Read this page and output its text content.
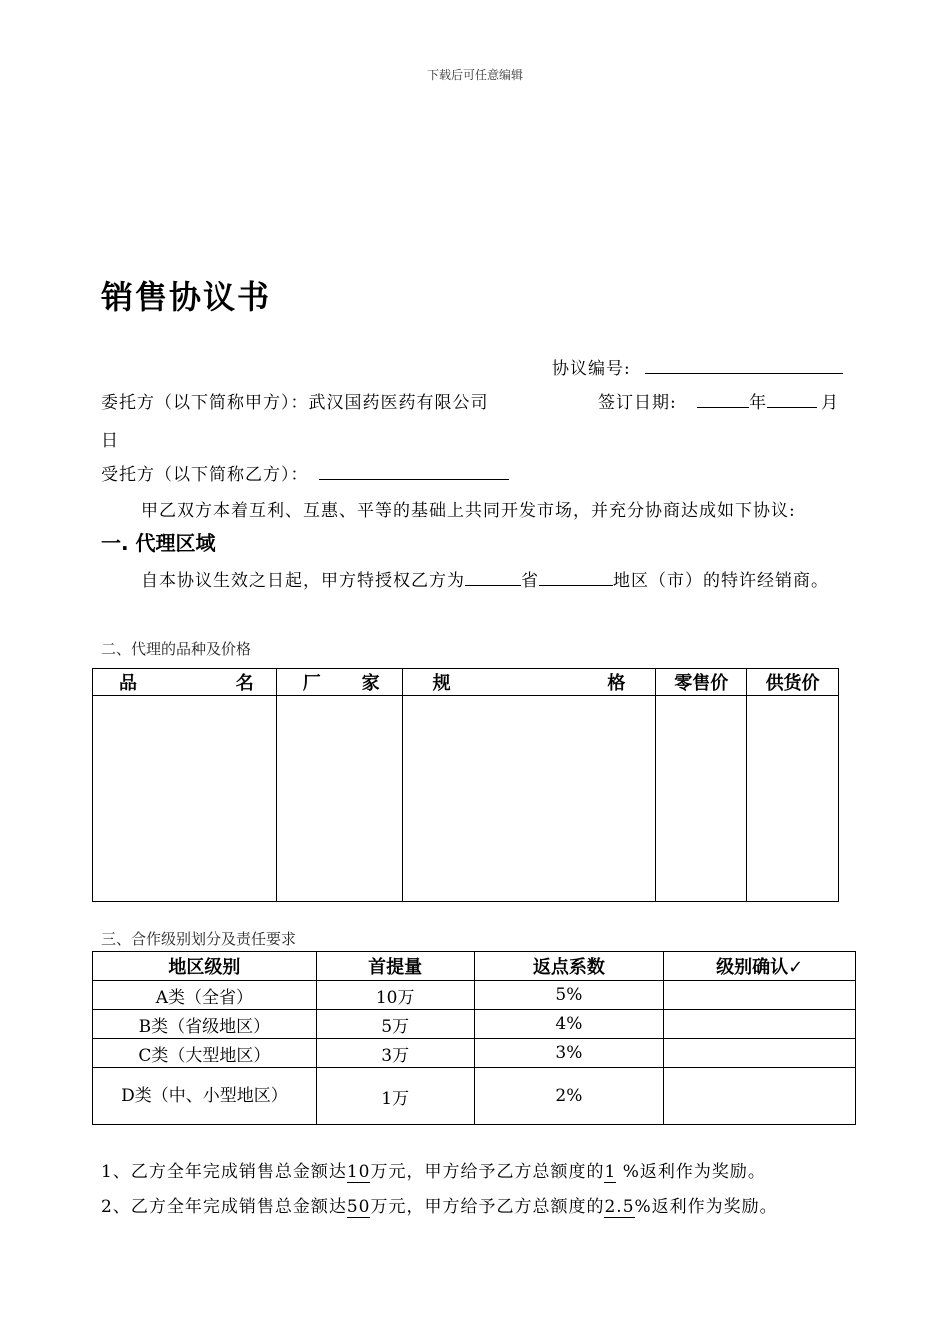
下载后可任意编辑
销售协议书
协议编号:
委托方（以下简称甲方）：武汉国药医药有限公司	签订日期:	年	月
日
受托方（以下简称乙方）：
甲乙双方本着互利、互惠、平等的基础上共同开发市场，并充分协商达成如下协议:
一. 代理区域
自本协议生效之日起，甲方特授权乙方为	省	地区（市）的特许经销商。
二、代理的品种及价格
品 名	厂 家	规 格	零售价	供货价

三、合作级别划分及责任要求
地区级别	首提量	返点系数	级别确认✓
A类（全省）	10万	5%	
B类（省级地区）	5万	4%	
C类（大型地区）	3万	3%	
D类（中、小型地区）	1万	2%	
1、乙方全年完成销售总金额达10万元，甲方给予乙方总额度的1 %返利作为奖励。
2、乙方全年完成销售总金额达50万元，甲方给予乙方总额度的2.5%返利作为奖励。
